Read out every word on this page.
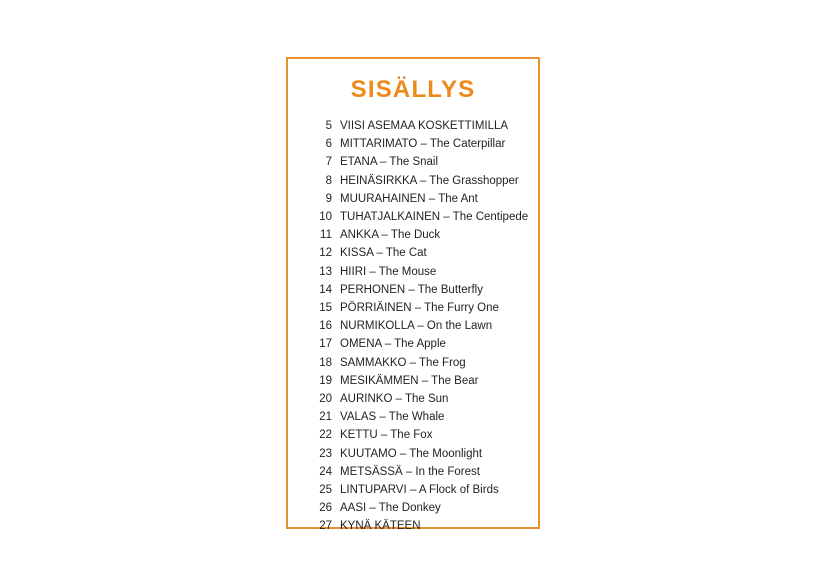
SISÄLLYS
5 VIISI ASEMAA KOSKETTIMILLA
6 MITTARIMATO – The Caterpillar
7 ETANA – The Snail
8 HEINÄSIRKKA – The Grasshopper
9 MUURAHAINEN – The Ant
10 TUHATJALKAINEN – The Centipede
11 ANKKA – The Duck
12 KISSA – The Cat
13 HIIRI – The Mouse
14 PERHONEN – The Butterfly
15 PÖRRIÄINEN – The Furry One
16 NURMIKOLLA – On the Lawn
17 OMENA – The Apple
18 SAMMAKKO – The Frog
19 MESIKÄMMEN – The Bear
20 AURINKO – The Sun
21 VALAS – The Whale
22 KETTU – The Fox
23 KUUTAMO – The Moonlight
24 METSÄSSÄ – In the Forest
25 LINTUPARVI – A Flock of Birds
26 AASI – The Donkey
27 KYNÄ KÄTEEN
